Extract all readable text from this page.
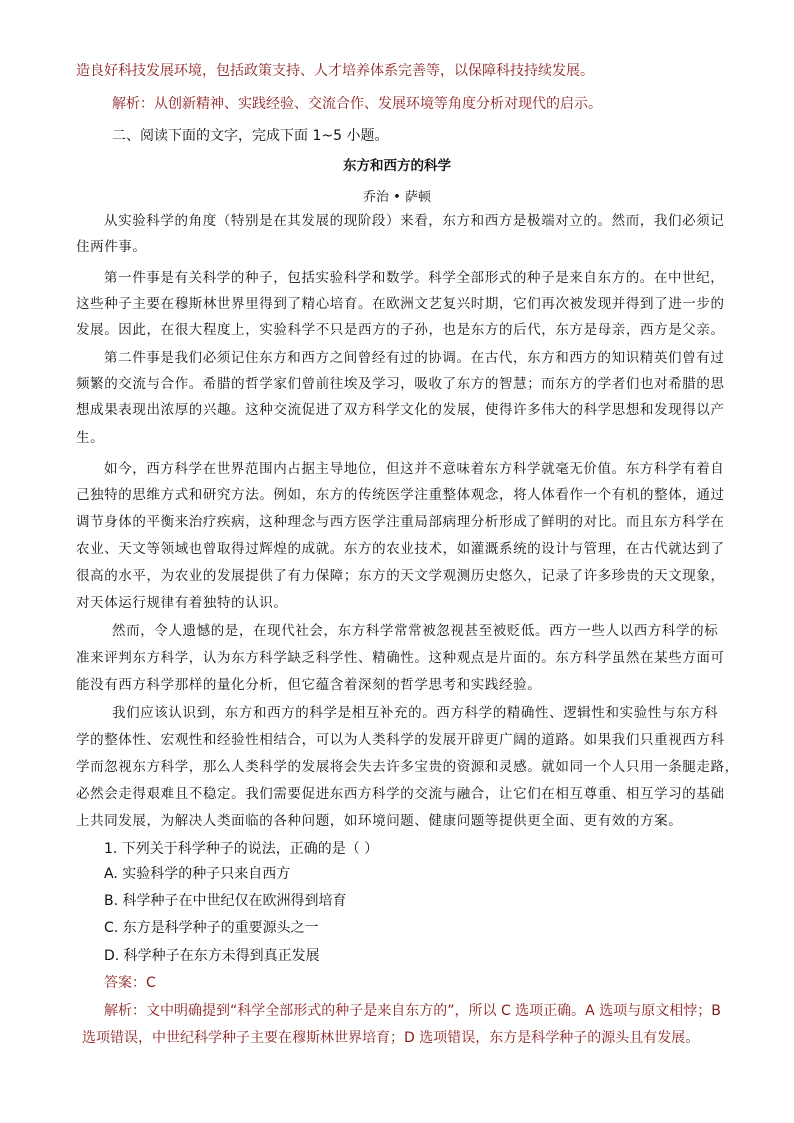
造良好科技发展环境，包括政策支持、人才培养体系完善等，以保障科技持续发展。
解析：从创新精神、实践经验、交流合作、发展环境等角度分析对现代的启示。
二、阅读下面的文字，完成下面 1~5 小题。
东方和西方的科学
乔治 • 萨顿
从实验科学的角度（特别是在其发展的现阶段）来看，东方和西方是极端对立的。然而，我们必须记
住两件事。
第一件事是有关科学的种子，包括实验科学和数学。科学全部形式的种子是来自东方的。在中世纪，
这些种子主要在穆斯林世界里得到了精心培育。在欧洲文艺复兴时期，它们再次被发现并得到了进一步的
发展。因此，在很大程度上，实验科学不只是西方的子孙，也是东方的后代，东方是母亲，西方是父亲。
第二件事是我们必须记住东方和西方之间曾经有过的协调。在古代，东方和西方的知识精英们曾有过
频繁的交流与合作。希腊的哲学家们曾前往埃及学习，吸收了东方的智慧；而东方的学者们也对希腊的思
想成果表现出浓厚的兴趣。这种交流促进了双方科学文化的发展，使得许多伟大的科学思想和发现得以产
生。
如今，西方科学在世界范围内占据主导地位，但这并不意味着东方科学就毫无价值。东方科学有着自
己独特的思维方式和研究方法。例如，东方的传统医学注重整体观念，将人体看作一个有机的整体，通过
调节身体的平衡来治疗疾病，这种理念与西方医学注重局部病理分析形成了鲜明的对比。而且东方科学在
农业、天文等领域也曾取得过辉煌的成就。东方的农业技术，如灌溉系统的设计与管理，在古代就达到了
很高的水平，为农业的发展提供了有力保障；东方的天文学观测历史悠久，记录了许多珍贵的天文现象，
对天体运行规律有着独特的认识。
然而，令人遗憾的是，在现代社会，东方科学常常被忽视甚至被贬低。西方一些人以西方科学的标
准来评判东方科学，认为东方科学缺乏科学性、精确性。这种观点是片面的。东方科学虽然在某些方面可
能没有西方科学那样的量化分析，但它蕴含着深刻的哲学思考和实践经验。
我们应该认识到，东方和西方的科学是相互补充的。西方科学的精确性、逻辑性和实验性与东方科
学的整体性、宏观性和经验性相结合，可以为人类科学的发展开辟更广阔的道路。如果我们只重视西方科
学而忽视东方科学，那么人类科学的发展将会失去许多宝贵的资源和灵感。就如同一个人只用一条腿走路，
必然会走得艰难且不稳定。我们需要促进东西方科学的交流与融合，让它们在相互尊重、相互学习的基础
上共同发展，为解决人类面临的各种问题，如环境问题、健康问题等提供更全面、更有效的方案。
1. 下列关于科学种子的说法，正确的是（ ）
A. 实验科学的种子只来自西方
B. 科学种子在中世纪仅在欧洲得到培育
C. 东方是科学种子的重要源头之一
D. 科学种子在东方未得到真正发展
答案：C
解析：文中明确提到“科学全部形式的种子是来自东方的”，所以 C 选项正确。A 选项与原文相悖；B
选项错误，中世纪科学种子主要在穆斯林世界培育；D 选项错误，东方是科学种子的源头且有发展。
